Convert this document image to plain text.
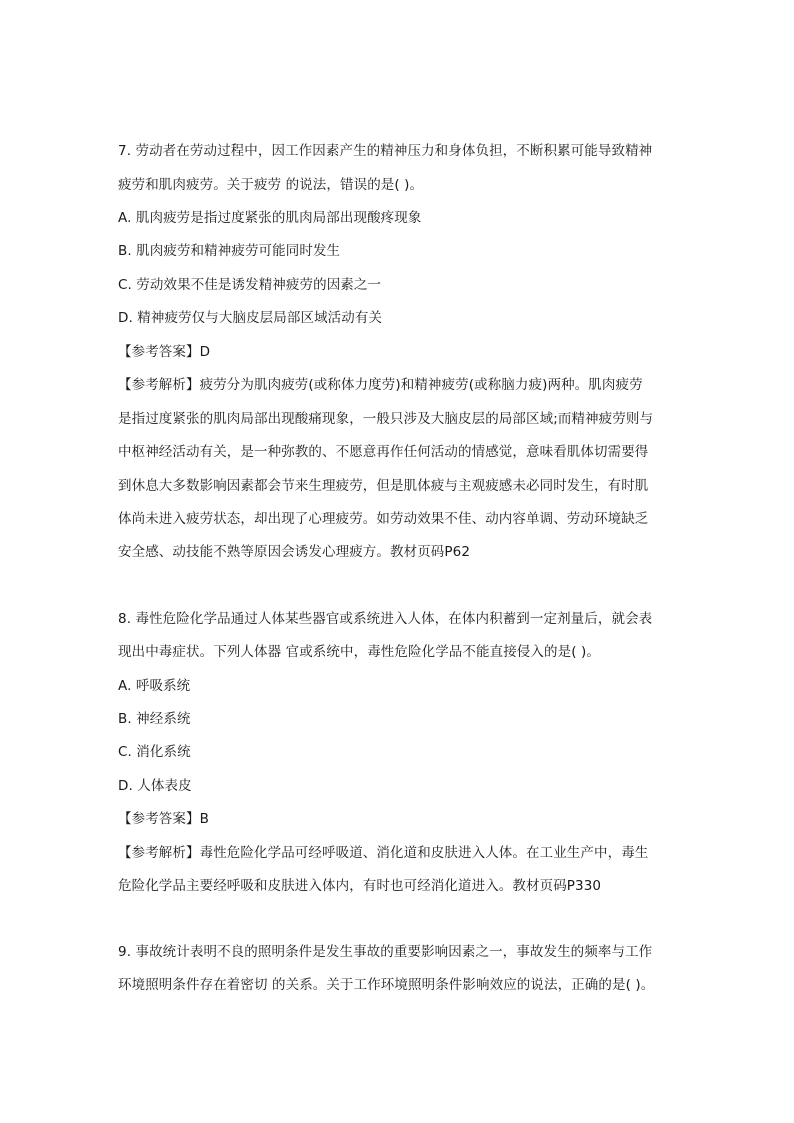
7. 劳动者在劳动过程中，因工作因素产生的精神压力和身体负担，不断积累可能导致精神
疲劳和肌肉疲劳。关于疲劳 的说法，错误的是( )。
A. 肌肉疲劳是指过度紧张的肌肉局部出现酸疼现象
B. 肌肉疲劳和精神疲劳可能同时发生
C. 劳动效果不佳是诱发精神疲劳的因素之一
D. 精神疲劳仅与大脑皮层局部区域活动有关
【参考答案】D
【参考解析】疲劳分为肌肉疲劳(或称体力度劳)和精神疲劳(或称脑力疲)两种。肌肉疲劳
是指过度紧张的肌肉局部出现酸痛现象，一般只涉及大脑皮层的局部区域;而精神疲劳则与
中枢神经活动有关，是一种弥教的、不愿意再作任何活动的情感觉，意味看肌体切需要得
到休息大多数影响因素都会节来生理疲劳，但是肌体疲与主观疲感未必同时发生，有时肌
体尚未进入疲劳状态，却出现了心理疲劳。如劳动效果不佳、动内容单调、劳动环境缺乏
安全感、动技能不熟等原因会诱发心理疲方。教材页码P62
8. 毒性危险化学品通过人体某些器官或系统进入人体，在体内积蓄到一定剂量后，就会表
现出中毒症状。下列人体器 官或系统中，毒性危险化学品不能直接侵入的是( )。
A. 呼吸系统
B. 神经系统
C. 消化系统
D. 人体表皮
【参考答案】B
【参考解析】毒性危险化学品可经呼吸道、消化道和皮肤进入人体。在工业生产中，毒生
危险化学品主要经呼吸和皮肤进入体内，有时也可经消化道进入。教材页码P330
9. 事故统计表明不良的照明条件是发生事故的重要影响因素之一，事故发生的频率与工作
环境照明条件存在着密切 的关系。关于工作环境照明条件影响效应的说法，正确的是( )。
